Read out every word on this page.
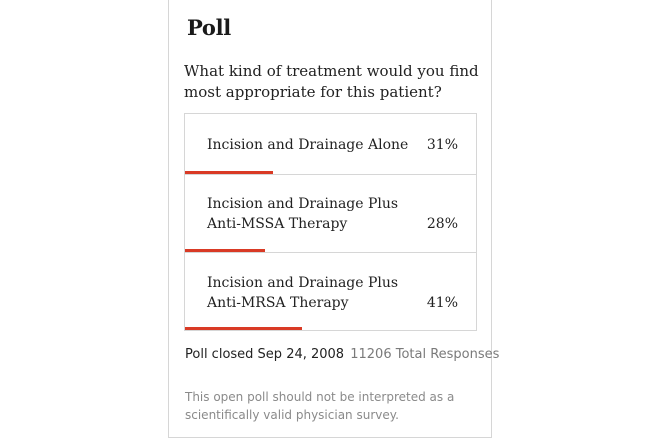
Poll
What kind of treatment would you find most appropriate for this patient?
Incision and Drainage Alone	31%
Incision and Drainage Plus
Anti-MSSA Therapy	28%
Incision and Drainage Plus
Anti-MRSA Therapy	41%
Poll closed Sep 24, 2008 11206 Total Responses
This open poll should not be interpreted as a scientifically valid physician survey.
